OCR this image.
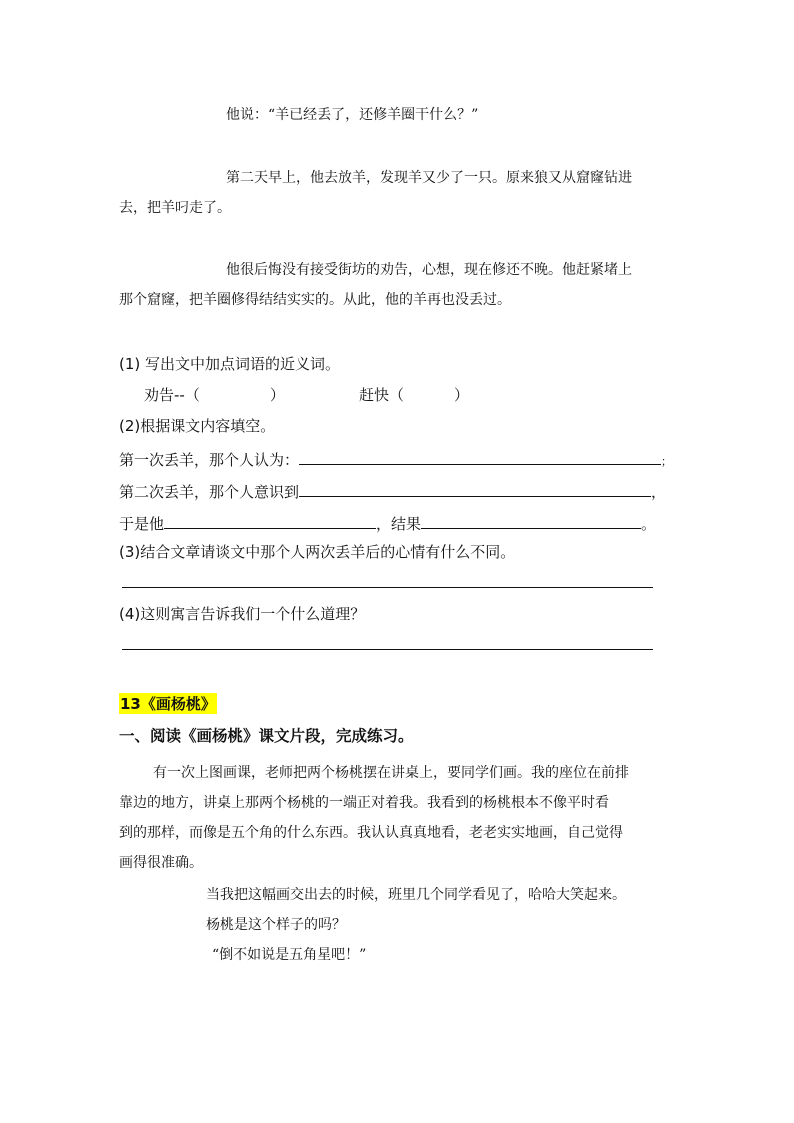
他说：“羊已经丢了，还修羊圈干什么？”
第二天早上，他去放羊，发现羊又少了一只。原来狼又从窟窿钻进
去，把羊叼走了。
他很后悔没有接受街坊的劝告，心想，现在修还不晚。他赶紧堵上
那个窟窿，把羊圈修得结结实实的。从此，他的羊再也没丢过。
(1) 写出文中加点词语的近义词。
劝告--（	）	赶快（	）
(2)根据课文内容填空。
第一次丢羊，那个人认为：	；
第二次丢羊，那个人意识到	，
于是他	，结果	。
(3)结合文章请谈文中那个人两次丢羊后的心情有什么不同。
(4)这则寓言告诉我们一个什么道理？
13《画杨桃》
一、阅读《画杨桃》课文片段，完成练习。
有一次上图画课，老师把两个杨桃摆在讲桌上，要同学们画。我的座位在前排
靠边的地方，讲桌上那两个杨桃的一端正对着我。我看到的杨桃根本不像平时看
到的那样，而像是五个角的什么东西。我认认真真地看，老老实实地画，自己觉得
画得很准确。
当我把这幅画交出去的时候，班里几个同学看见了，哈哈大笑起来。
杨桃是这个样子的吗？
“倒不如说是五角星吧！”
